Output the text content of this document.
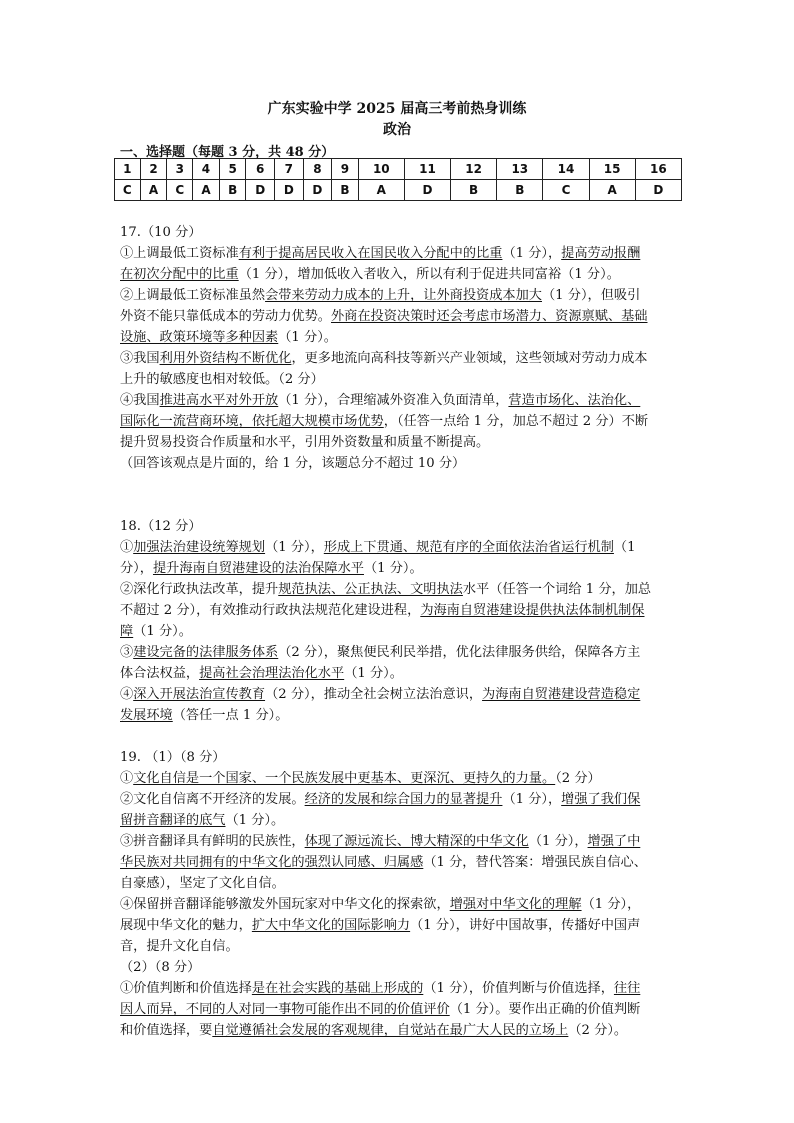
广东实验中学 2025 届高三考前热身训练
政治
一、选择题（每题 3 分，共 48 分）
1	2	3	4	5	6	7	8	9	10	11	12	13	14	15	16
C	A	C	A	B	D	D	D	B	A	D	B	B	C	A	D

17.（10 分）

①上调最低工资标准有利于提高居民收入在国民收入分配中的比重（1 分），提高劳动报酬

在初次分配中的比重（1 分），增加低收入者收入，所以有利于促进共同富裕（1 分）。

②上调最低工资标准虽然会带来劳动力成本的上升，让外商投资成本加大（1 分），但吸引

外资不能只靠低成本的劳动力优势。外商在投资决策时还会考虑市场潜力、资源禀赋、基础

设施、政策环境等多种因素（1 分）。

③我国利用外资结构不断优化，更多地流向高科技等新兴产业领域，这些领域对劳动力成本

上升的敏感度也相对较低。（2 分）

④我国推进高水平对外开放（1 分），合理缩减外资准入负面清单，营造市场化、法治化、

国际化一流营商环境，依托超大规模市场优势，（任答一点给 1 分，加总不超过 2 分）不断

提升贸易投资合作质量和水平，引用外资数量和质量不断提高。

（回答该观点是片面的，给 1 分，该题总分不超过 10 分）

18.（12 分）

①加强法治建设统筹规划（1 分），形成上下贯通、规范有序的全面依法治省运行机制（1

分），提升海南自贸港建设的法治保障水平（1 分）。

②深化行政执法改革，提升规范执法、公正执法、文明执法水平（任答一个词给 1 分，加总

不超过 2 分），有效推动行政执法规范化建设进程，为海南自贸港建设提供执法体制机制保

障（1 分）。

③建设完备的法律服务体系（2 分），聚焦便民利民举措，优化法律服务供给，保障各方主

体合法权益，提高社会治理法治化水平（1 分）。

④深入开展法治宣传教育（2 分），推动全社会树立法治意识，为海南自贸港建设营造稳定

发展环境（答任一点 1 分）。

19. （1）（8 分）

①文化自信是一个国家、一个民族发展中更基本、更深沉、更持久的力量。（2 分）

②文化自信离不开经济的发展。经济的发展和综合国力的显著提升（1 分），增强了我们保

留拼音翻译的底气（1 分）。

③拼音翻译具有鲜明的民族性，体现了源远流长、博大精深的中华文化（1 分），增强了中

华民族对共同拥有的中华文化的强烈认同感、归属感（1 分，替代答案：增强民族自信心、

自豪感），坚定了文化自信。

④保留拼音翻译能够激发外国玩家对中华文化的探索欲，增强对中华文化的理解（1 分），

展现中华文化的魅力，扩大中华文化的国际影响力（1 分），讲好中国故事，传播好中国声

音，提升文化自信。

（2）（8 分）

①价值判断和价值选择是在社会实践的基础上形成的（1 分），价值判断与价值选择，往往

因人而异，不同的人对同一事物可能作出不同的价值评价（1 分）。要作出正确的价值判断

和价值选择，要自觉遵循社会发展的客观规律，自觉站在最广大人民的立场上（2 分）。
